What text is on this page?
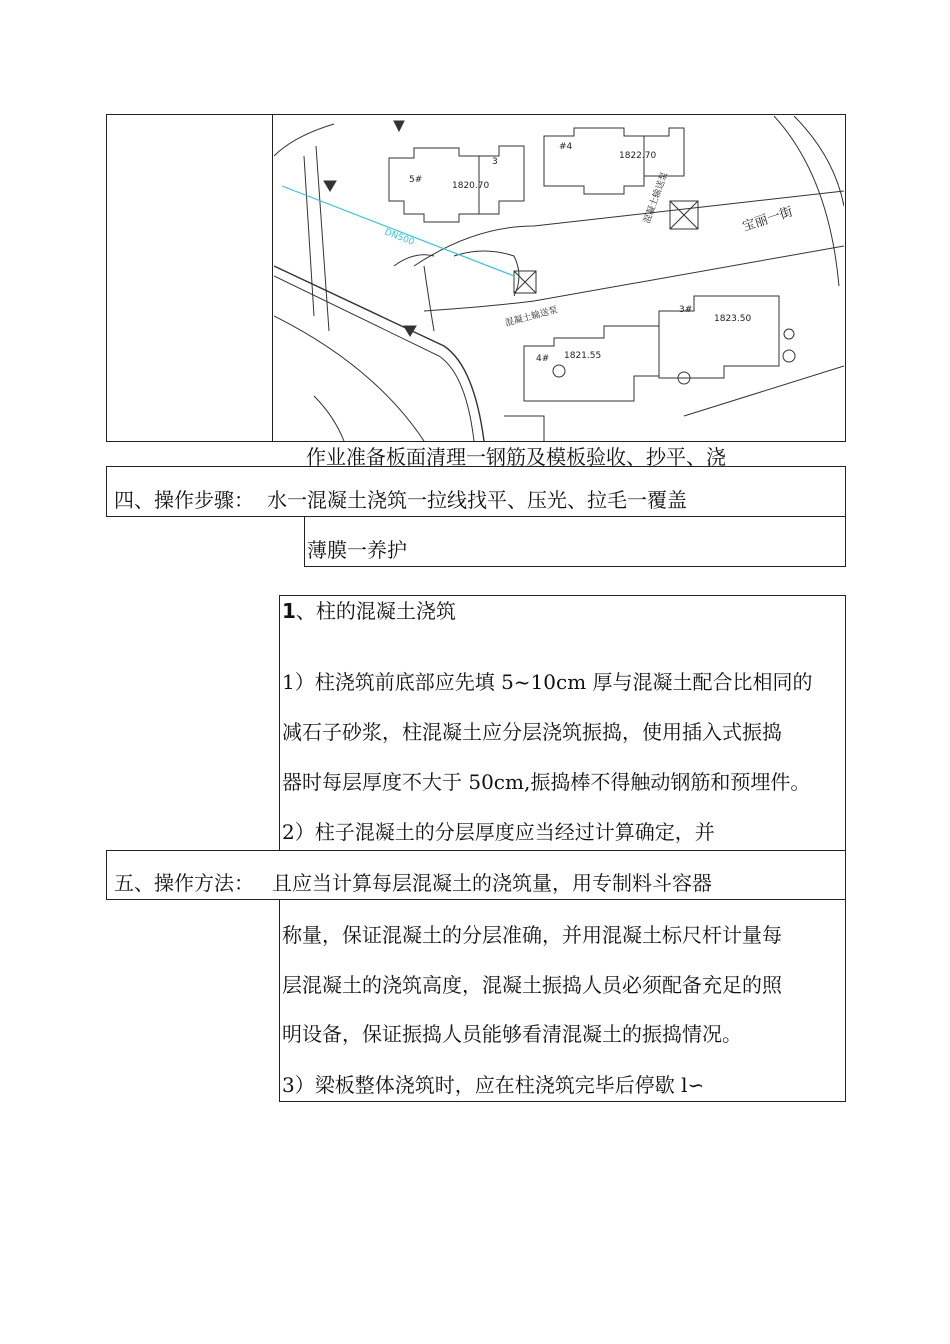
5#
3
#4
3#
4#
1820.70
1822.70
1823.50
1821.55
DN500
混凝土输送泵
混凝土输送泵	宝丽一街
作业准备板面清理一钢筋及模板验收、抄平、浇
四、操作步骤： 水一混凝土浇筑一拉线找平、压光、拉毛一覆盖
薄膜一养护
1、柱的混凝土浇筑
1）柱浇筑前底部应先填 5~10cm 厚与混凝土配合比相同的
减石子砂浆，柱混凝土应分层浇筑振捣，使用插入式振捣
器时每层厚度不大于 50cm,振捣棒不得触动钢筋和预埋件。
2）柱子混凝土的分层厚度应当经过计算确定，并
五、操作方法： 且应当计算每层混凝土的浇筑量，用专制料斗容器
称量，保证混凝土的分层准确，并用混凝土标尺杆计量每
层混凝土的浇筑高度，混凝土振捣人员必须配备充足的照
明设备，保证振捣人员能够看清混凝土的振捣情况。
3）梁板整体浇筑时，应在柱浇筑完毕后停歇 l∽
